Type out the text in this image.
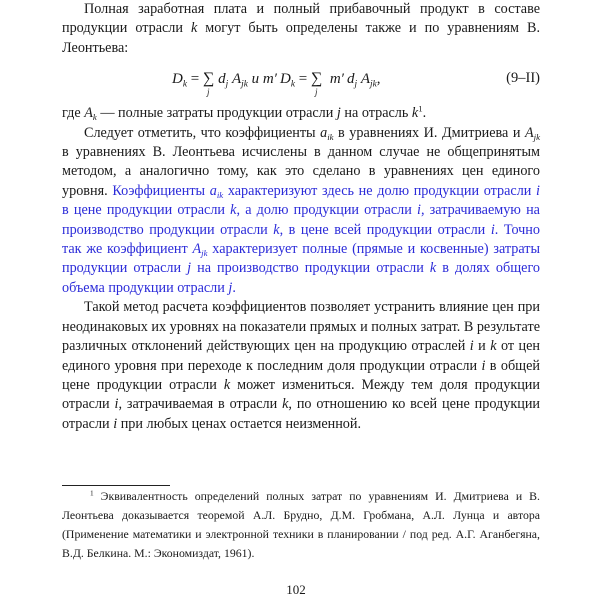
Полная заработная плата и полный прибавочный продукт в составе продукции отрасли k могут быть определены также и по уравнениям В. Леонтьева:

$D_k$ = ∑
j
$d_j$ $A_{jk}$ и m′  $D_k$ = ∑
j
m′  $d_j$ $A_{jk}$,	(9–II)

где $A_k$ — полные затраты продукции отрасли j на отрасль $k^1$.

Следует отметить, что коэффициенты $a_{ik}$ в уравнениях И. Дмитриева и $A_{jk}$ в уравнениях В. Леонтьева исчислены в данном случае не общепринятым методом, а аналогично тому, как это сделано в уравнениях цен единого уровня. Коэффициенты $a_{ik}$ характеризуют здесь не долю продукции отрасли i в цене продукции отрасли k, а долю продукции отрасли i, затрачиваемую на производство продукции отрасли k, в цене всей продукции отрасли i. Точно так же коэффициент $A_{jk}$ характеризует полные (прямые и косвенные) затраты продукции отрасли j на производство продукции отрасли k в долях общего объема продукции отрасли j.

Такой метод расчета коэффициентов позволяет устранить влияние цен при неодинаковых их уровнях на показатели прямых и полных затрат. В результате различных отклонений действующих цен на продукцию отраслей i и k от цен единого уровня при переходе к последним доля продукции отрасли i в общей цене продукции отрасли k может измениться. Между тем доля продукции отрасли i, затрачиваемая в отрасли k, по отношению ко всей цене продукции отрасли i при любых ценах остается неизменной.

$^1$ Эквивалентность определений полных затрат по уравнениям И. Дмитриева и В. Леонтьева доказывается теоремой А.Л. Брудно, Д.М. Гробмана, А.Л. Лунца и автора (Применение математики и электронной техники в планировании / под ред. А.Г. Аганбегяна, В.Д. Белкина. М.: Экономиздат, 1961).

102
